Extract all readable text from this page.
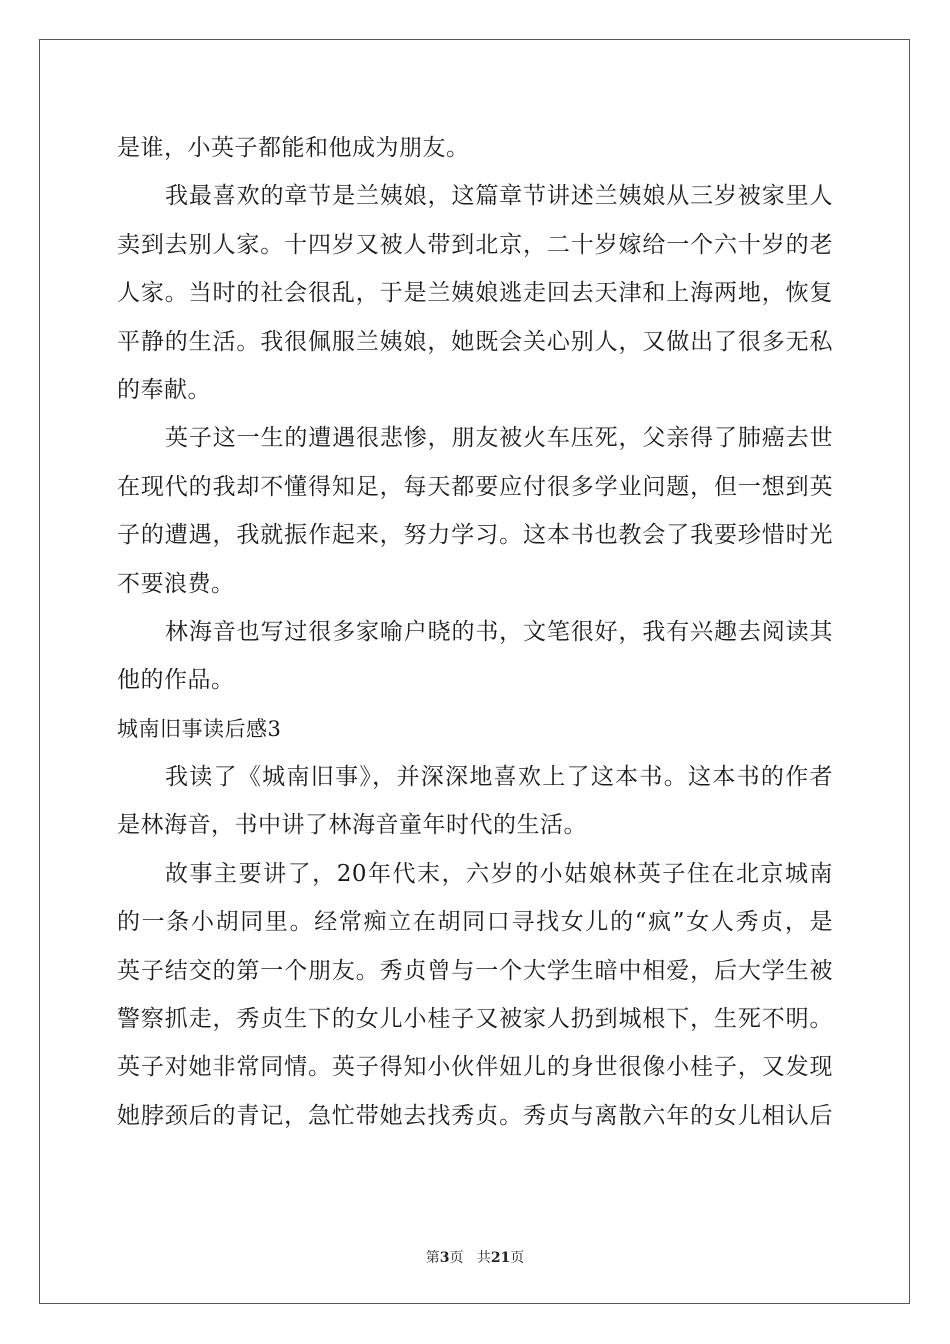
是谁，小英子都能和他成为朋友。
我最喜欢的章节是兰姨娘，这篇章节讲述兰姨娘从三岁被家里人
卖到去别人家。十四岁又被人带到北京，二十岁嫁给一个六十岁的老
人家。当时的社会很乱，于是兰姨娘逃走回去天津和上海两地，恢复
平静的生活。我很佩服兰姨娘，她既会关心别人，又做出了很多无私
的奉献。
英子这一生的遭遇很悲惨，朋友被火车压死，父亲得了肺癌去世
在现代的我却不懂得知足，每天都要应付很多学业问题，但一想到英
子的遭遇，我就振作起来，努力学习。这本书也教会了我要珍惜时光
不要浪费。
林海音也写过很多家喻户晓的书，文笔很好，我有兴趣去阅读其
他的作品。
城南旧事读后感3
我读了《城南旧事》，并深深地喜欢上了这本书。这本书的作者
是林海音，书中讲了林海音童年时代的生活。
故事主要讲了，20年代末，六岁的小姑娘林英子住在北京城南
的一条小胡同里。经常痴立在胡同口寻找女儿的“疯”女人秀贞，是
英子结交的第一个朋友。秀贞曾与一个大学生暗中相爱，后大学生被
警察抓走，秀贞生下的女儿小桂子又被家人扔到城根下，生死不明。
英子对她非常同情。英子得知小伙伴妞儿的身世很像小桂子，又发现
她脖颈后的青记，急忙带她去找秀贞。秀贞与离散六年的女儿相认后
第3页 共21页
